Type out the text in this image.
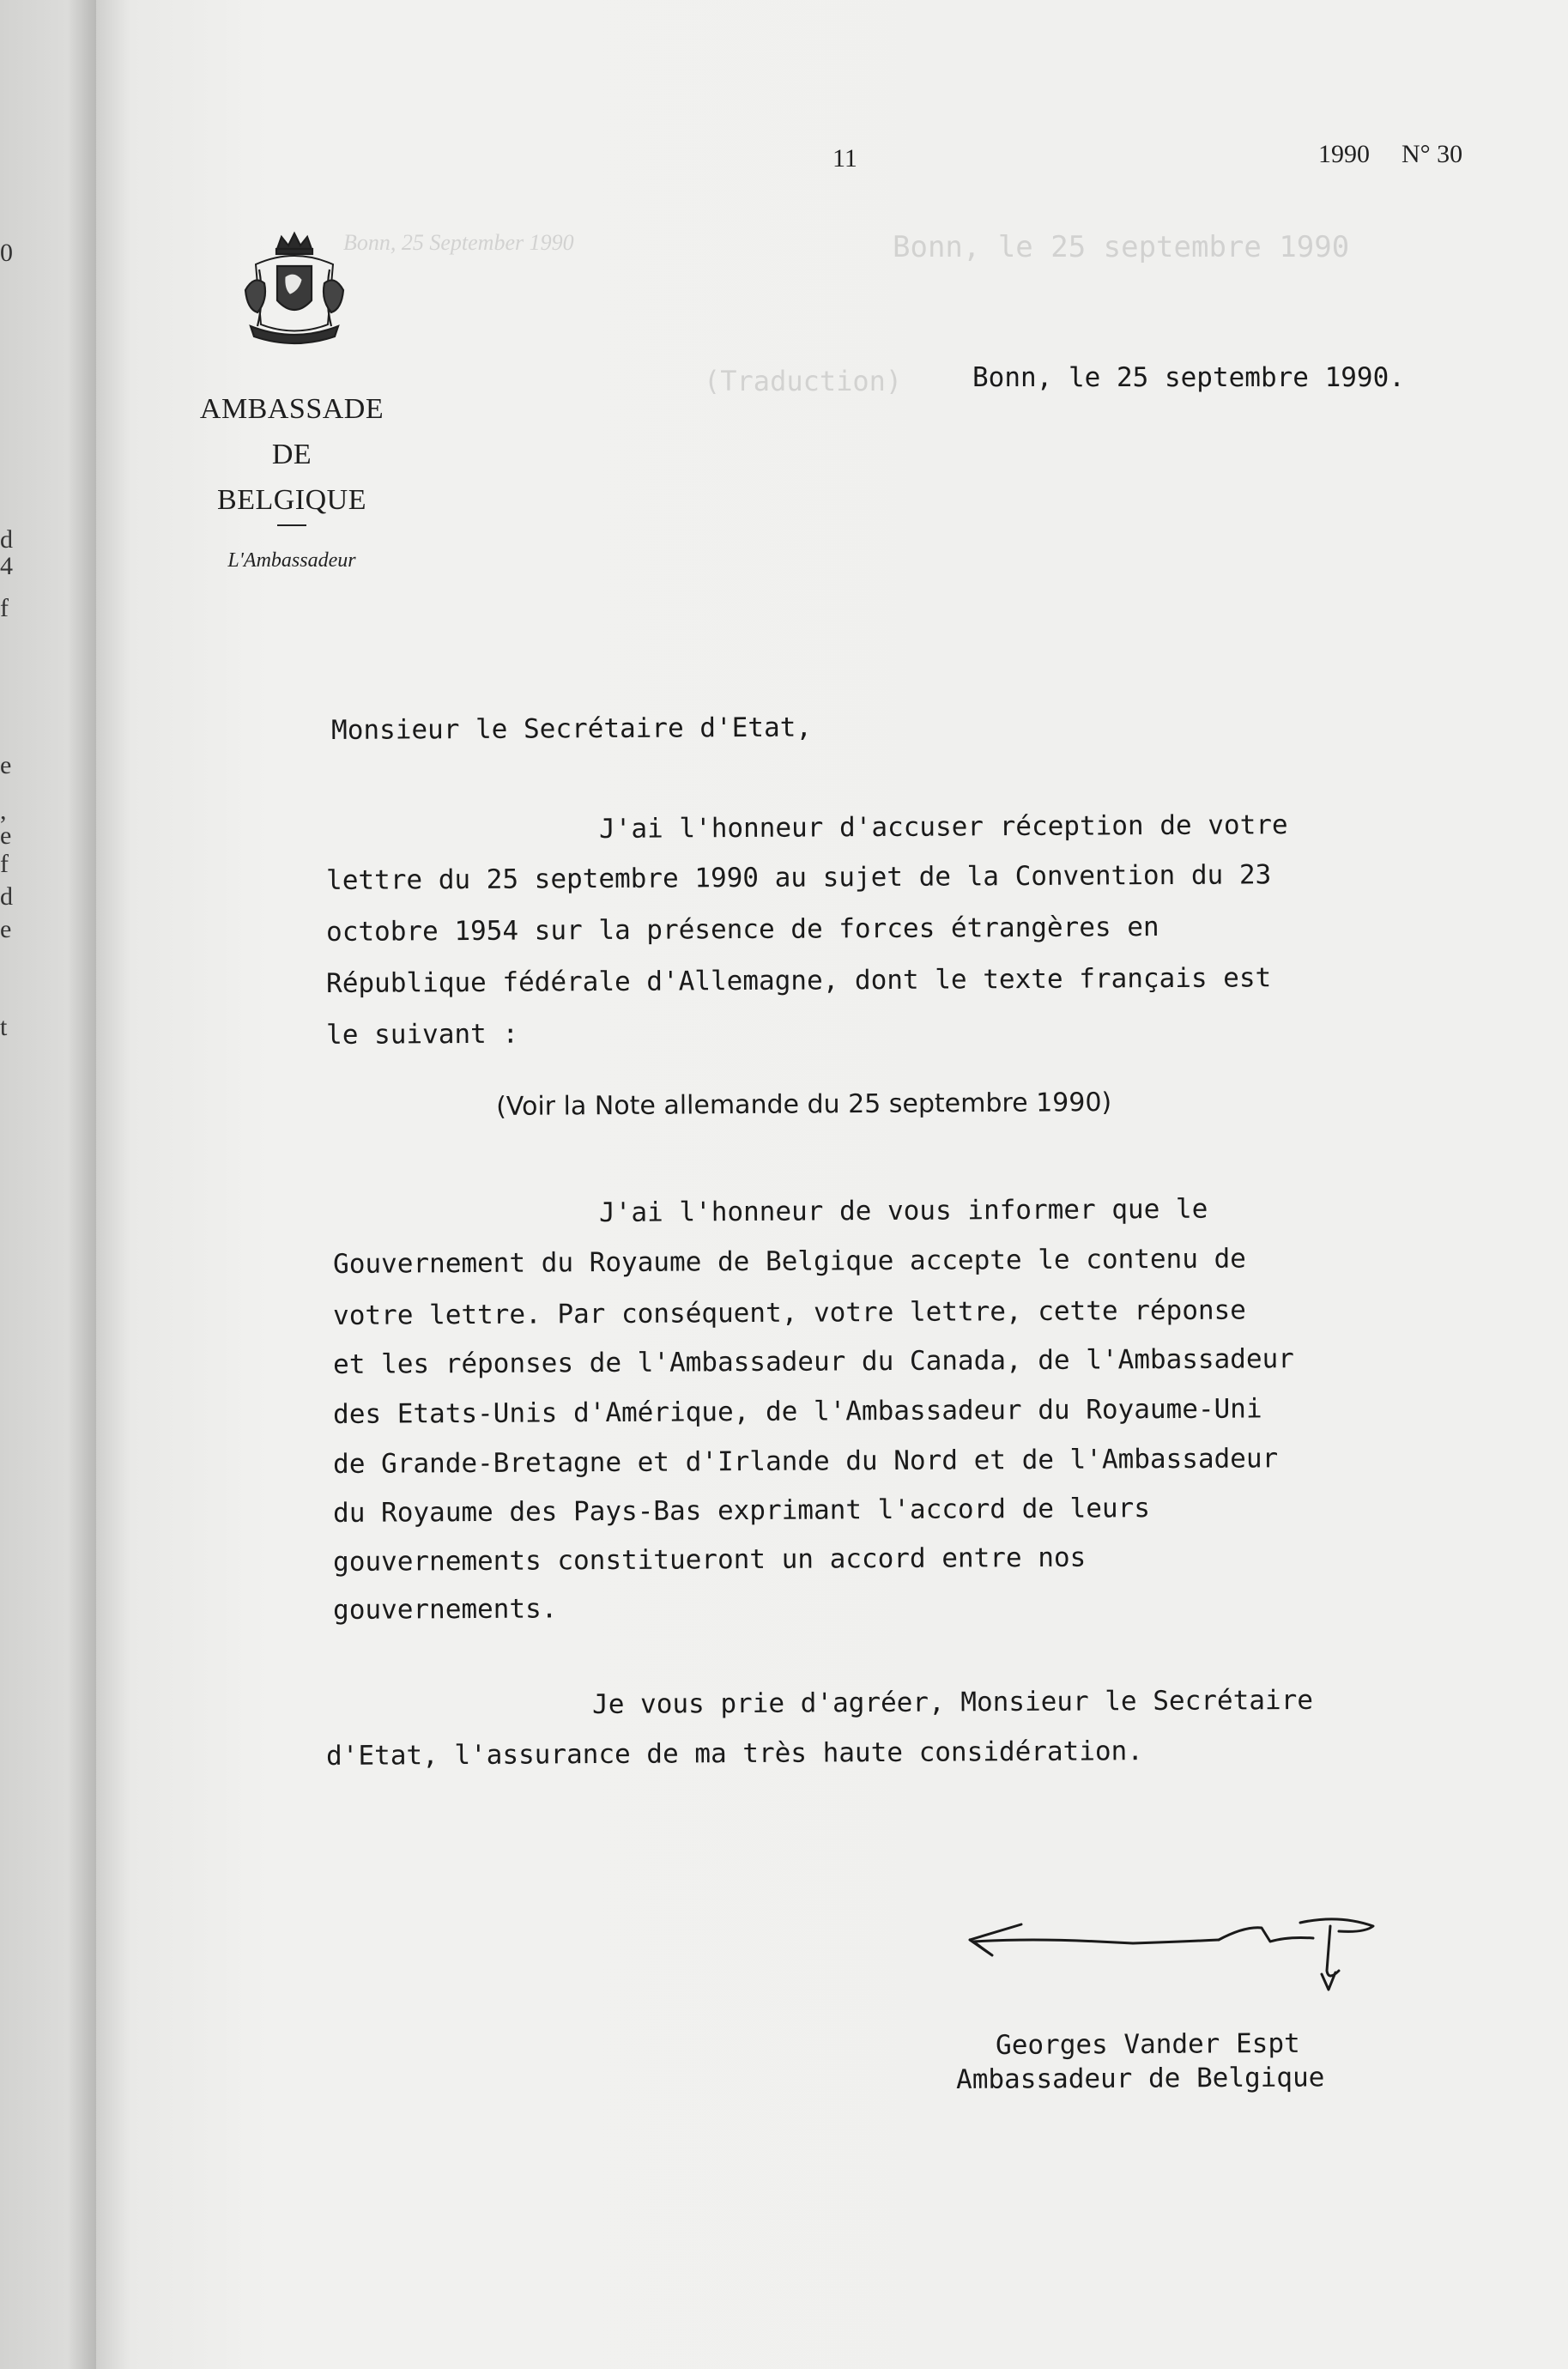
0
d
4
f
e
,
e
f
d
e
t
Bonn, le 25 septembre 1990
Bonn, 25 September 1990
(Traduction)
11	1990 N° 30
AMBASSADE
DE
BELGIQUE
L'Ambassadeur
Bonn, le 25 septembre 1990.
Monsieur le Secrétaire d'Etat,
J'ai l'honneur d'accuser réception de votre
lettre du 25 septembre 1990 au sujet de la Convention du 23
octobre 1954 sur la présence de forces étrangères en
République fédérale d'Allemagne, dont le texte français est
le suivant :
(Voir la Note allemande du 25 septembre 1990)
J'ai l'honneur de vous informer que le
Gouvernement du Royaume de Belgique accepte le contenu de
votre lettre. Par conséquent, votre lettre, cette réponse
et les réponses de l'Ambassadeur du Canada, de l'Ambassadeur
des Etats-Unis d'Amérique, de l'Ambassadeur du Royaume-Uni
de Grande-Bretagne et d'Irlande du Nord et de l'Ambassadeur
du Royaume des Pays-Bas exprimant l'accord de leurs
gouvernements constitueront un accord entre nos
gouvernements.
Je vous prie d'agréer, Monsieur le Secrétaire
d'Etat, l'assurance de ma très haute considération.
Georges Vander Espt
Ambassadeur de Belgique
